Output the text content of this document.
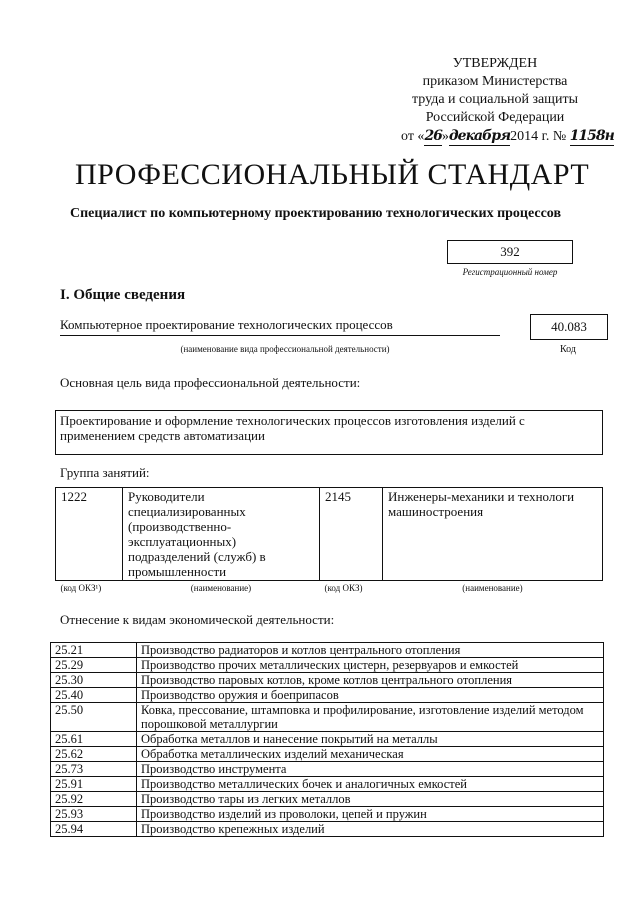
УТВЕРЖДЕН
приказом Министерства
труда и социальной защиты
Российской Федерации
от «26»декабря2014 г. № 1158н
ПРОФЕССИОНАЛЬНЫЙ СТАНДАРТ
Специалист по компьютерному проектированию технологических процессов
392
Регистрационный номер
I. Общие сведения
Компьютерное проектирование технологических процессов
(наименование вида профессиональной деятельности)
40.083
Код
Основная цель вида профессиональной деятельности:
Проектирование и оформление технологических процессов изготовления изделий с применением средств автоматизации
Группа занятий:
1222	Руководители специализированных (производственно-эксплуатационных) подразделений (служб) в промышленности	2145	Инженеры-механики и технологи машиностроения
(код ОКЗ¹)	(наименование)	(код ОКЗ)	(наименование)
Отнесение к видам экономической деятельности:
25.21	Производство радиаторов и котлов центрального отопления
25.29	Производство прочих металлических цистерн, резервуаров и емкостей
25.30	Производство паровых котлов, кроме котлов центрального отопления
25.40	Производство оружия и боеприпасов
25.50	Ковка, прессование, штамповка и профилирование, изготовление изделий методом порошковой металлургии
25.61	Обработка металлов и нанесение покрытий на металлы
25.62	Обработка металлических изделий механическая
25.73	Производство инструмента
25.91	Производство металлических бочек и аналогичных емкостей
25.92	Производство тары из легких металлов
25.93	Производство изделий из проволоки, цепей и пружин
25.94	Производство крепежных изделий
